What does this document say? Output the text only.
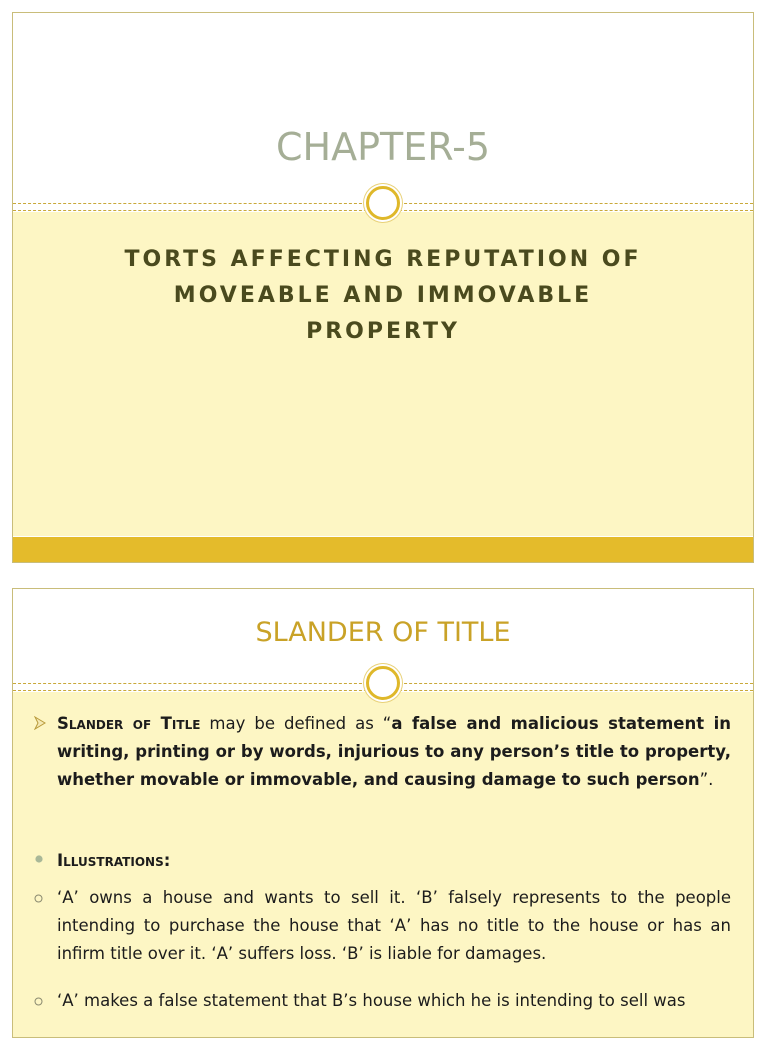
CHAPTER-5
TORTS AFFECTING REPUTATION OF MOVEABLE AND IMMOVABLE PROPERTY
SLANDER OF TITLE
Slander of Title may be defined as “a false and malicious statement in writing, printing or by words, injurious to any person’s title to property, whether movable or immovable, and causing damage to such person”.
Illustrations:
‘A’ owns a house and wants to sell it. ‘B’ falsely represents to the people intending to purchase the house that ‘A’ has no title to the house or has an infirm title over it. ‘A’ suffers loss. ‘B’ is liable for damages.
‘A’ makes a false statement that B’s house which he is intending to sell was
